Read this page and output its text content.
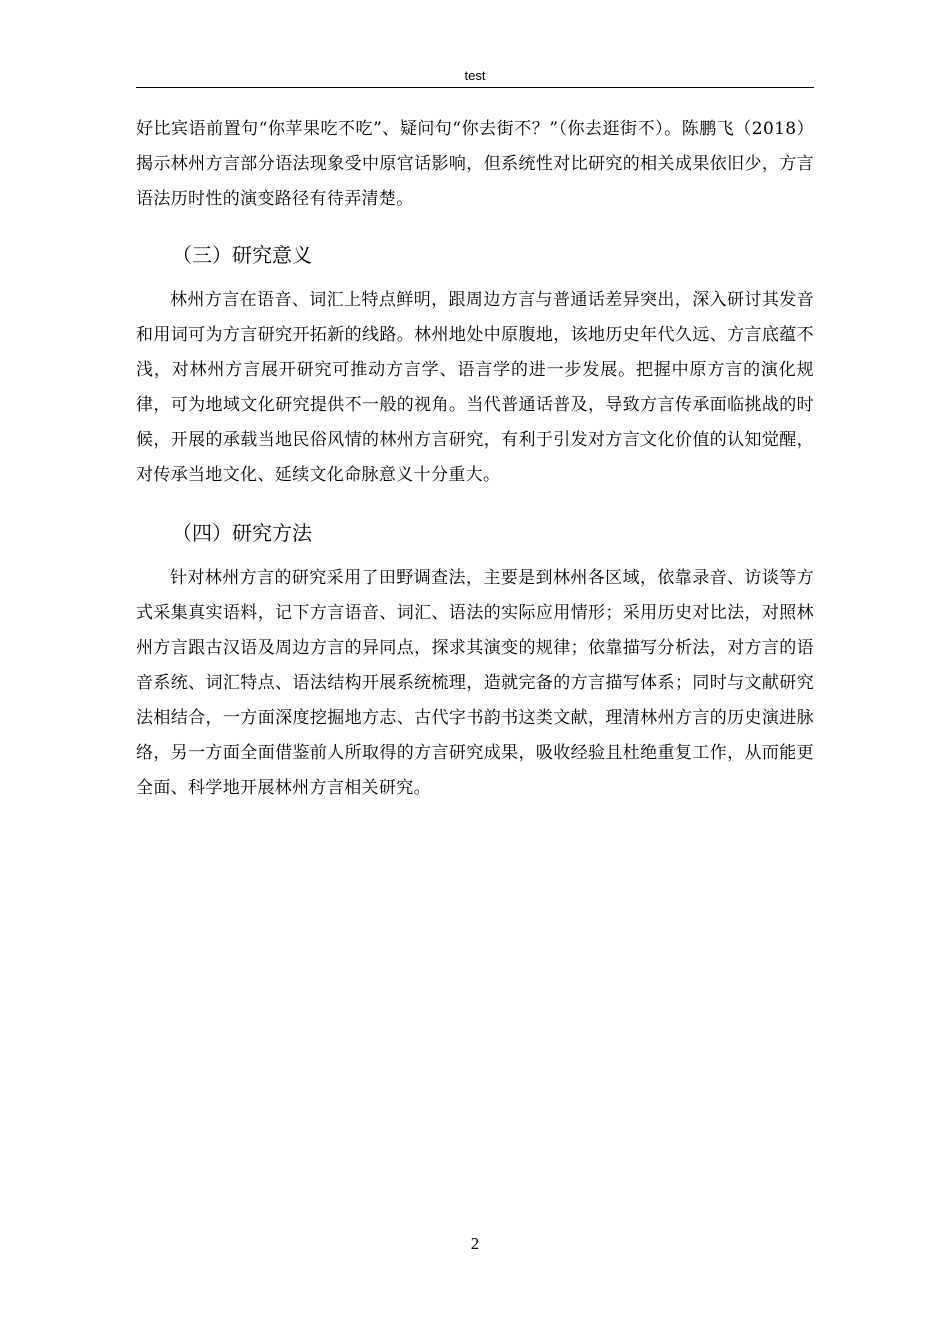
test

好比宾语前置句“你苹果吃不吃”、疑问句“你去街不？”（你去逛街不）。陈鹏飞（2018）揭示林州方言部分语法现象受中原官话影响，但系统性对比研究的相关成果依旧少，方言语法历时性的演变路径有待弄清楚。

（三）研究意义

林州方言在语音、词汇上特点鲜明，跟周边方言与普通话差异突出，深入研讨其发音和用词可为方言研究开拓新的线路。林州地处中原腹地，该地历史年代久远、方言底蕴不浅，对林州方言展开研究可推动方言学、语言学的进一步发展。把握中原方言的演化规律，可为地域文化研究提供不一般的视角。当代普通话普及，导致方言传承面临挑战的时候，开展的承载当地民俗风情的林州方言研究，有利于引发对方言文化价值的认知觉醒，对传承当地文化、延续文化命脉意义十分重大。

（四）研究方法

针对林州方言的研究采用了田野调查法，主要是到林州各区域，依靠录音、访谈等方式采集真实语料，记下方言语音、词汇、语法的实际应用情形；采用历史对比法，对照林州方言跟古汉语及周边方言的异同点，探求其演变的规律；依靠描写分析法，对方言的语音系统、词汇特点、语法结构开展系统梳理，造就完备的方言描写体系；同时与文献研究法相结合，一方面深度挖掘地方志、古代字书韵书这类文献，理清林州方言的历史演进脉络，另一方面全面借鉴前人所取得的方言研究成果，吸收经验且杜绝重复工作，从而能更全面、科学地开展林州方言相关研究。

2
